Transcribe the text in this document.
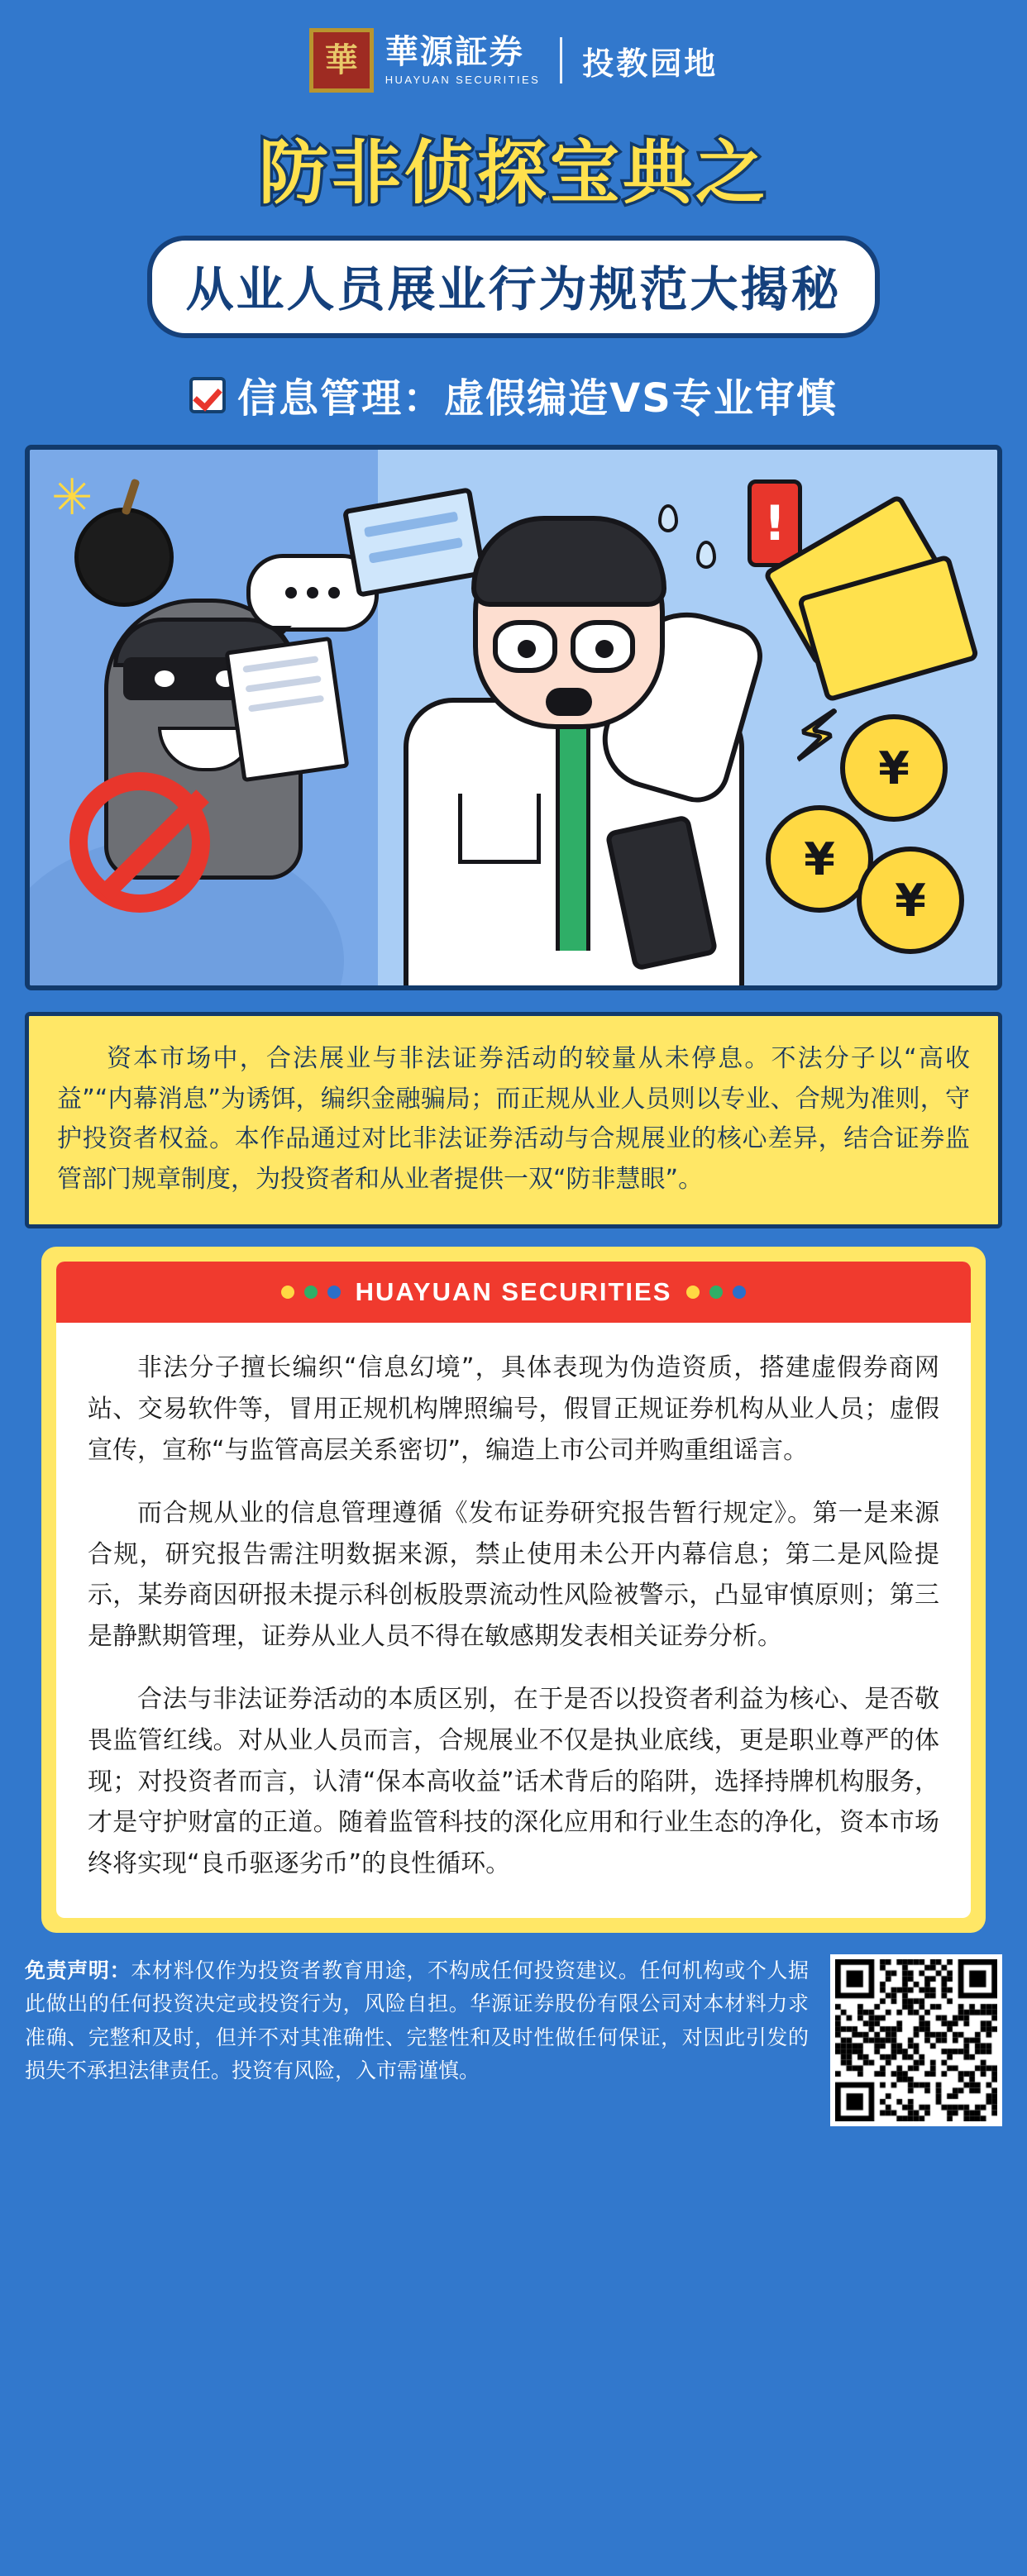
華 華源証券
HUAYUAN SECURITIES 投教园地
防非侦探宝典之
从业人员展业行为规范大揭秘
信息管理：虚假编造VS专业审慎
✳	!
⚡ ¥
¥
¥

资本市场中，合法展业与非法证券活动的较量从未停息。不法分子以“高收益”“内幕消息”为诱饵，编织金融骗局；而正规从业人员则以专业、合规为准则，守护投资者权益。本作品通过对比非法证券活动与合规展业的核心差异，结合证券监管部门规章制度，为投资者和从业者提供一双“防非慧眼”。

HUAYUAN SECURITIES

非法分子擅长编织“信息幻境”，具体表现为伪造资质，搭建虚假券商网站、交易软件等，冒用正规机构牌照编号，假冒正规证券机构从业人员；虚假宣传，宣称“与监管高层关系密切”，编造上市公司并购重组谣言。

而合规从业的信息管理遵循《发布证券研究报告暂行规定》。第一是来源合规，研究报告需注明数据来源，禁止使用未公开内幕信息；第二是风险提示，某券商因研报未提示科创板股票流动性风险被警示，凸显审慎原则；第三是静默期管理，证券从业人员不得在敏感期发表相关证券分析。

合法与非法证券活动的本质区别，在于是否以投资者利益为核心、是否敬畏监管红线。对从业人员而言，合规展业不仅是执业底线，更是职业尊严的体现；对投资者而言，认清“保本高收益”话术背后的陷阱，选择持牌机构服务，才是守护财富的正道。随着监管科技的深化应用和行业生态的净化，资本市场终将实现“良币驱逐劣币”的良性循环。

免责声明：本材料仅作为投资者教育用途，不构成任何投资建议。任何机构或个人据此做出的任何投资决定或投资行为，风险自担。华源证券股份有限公司对本材料力求准确、完整和及时，但并不对其准确性、完整性和及时性做任何保证，对因此引发的损失不承担法律责任。投资有风险，入市需谨慎。
